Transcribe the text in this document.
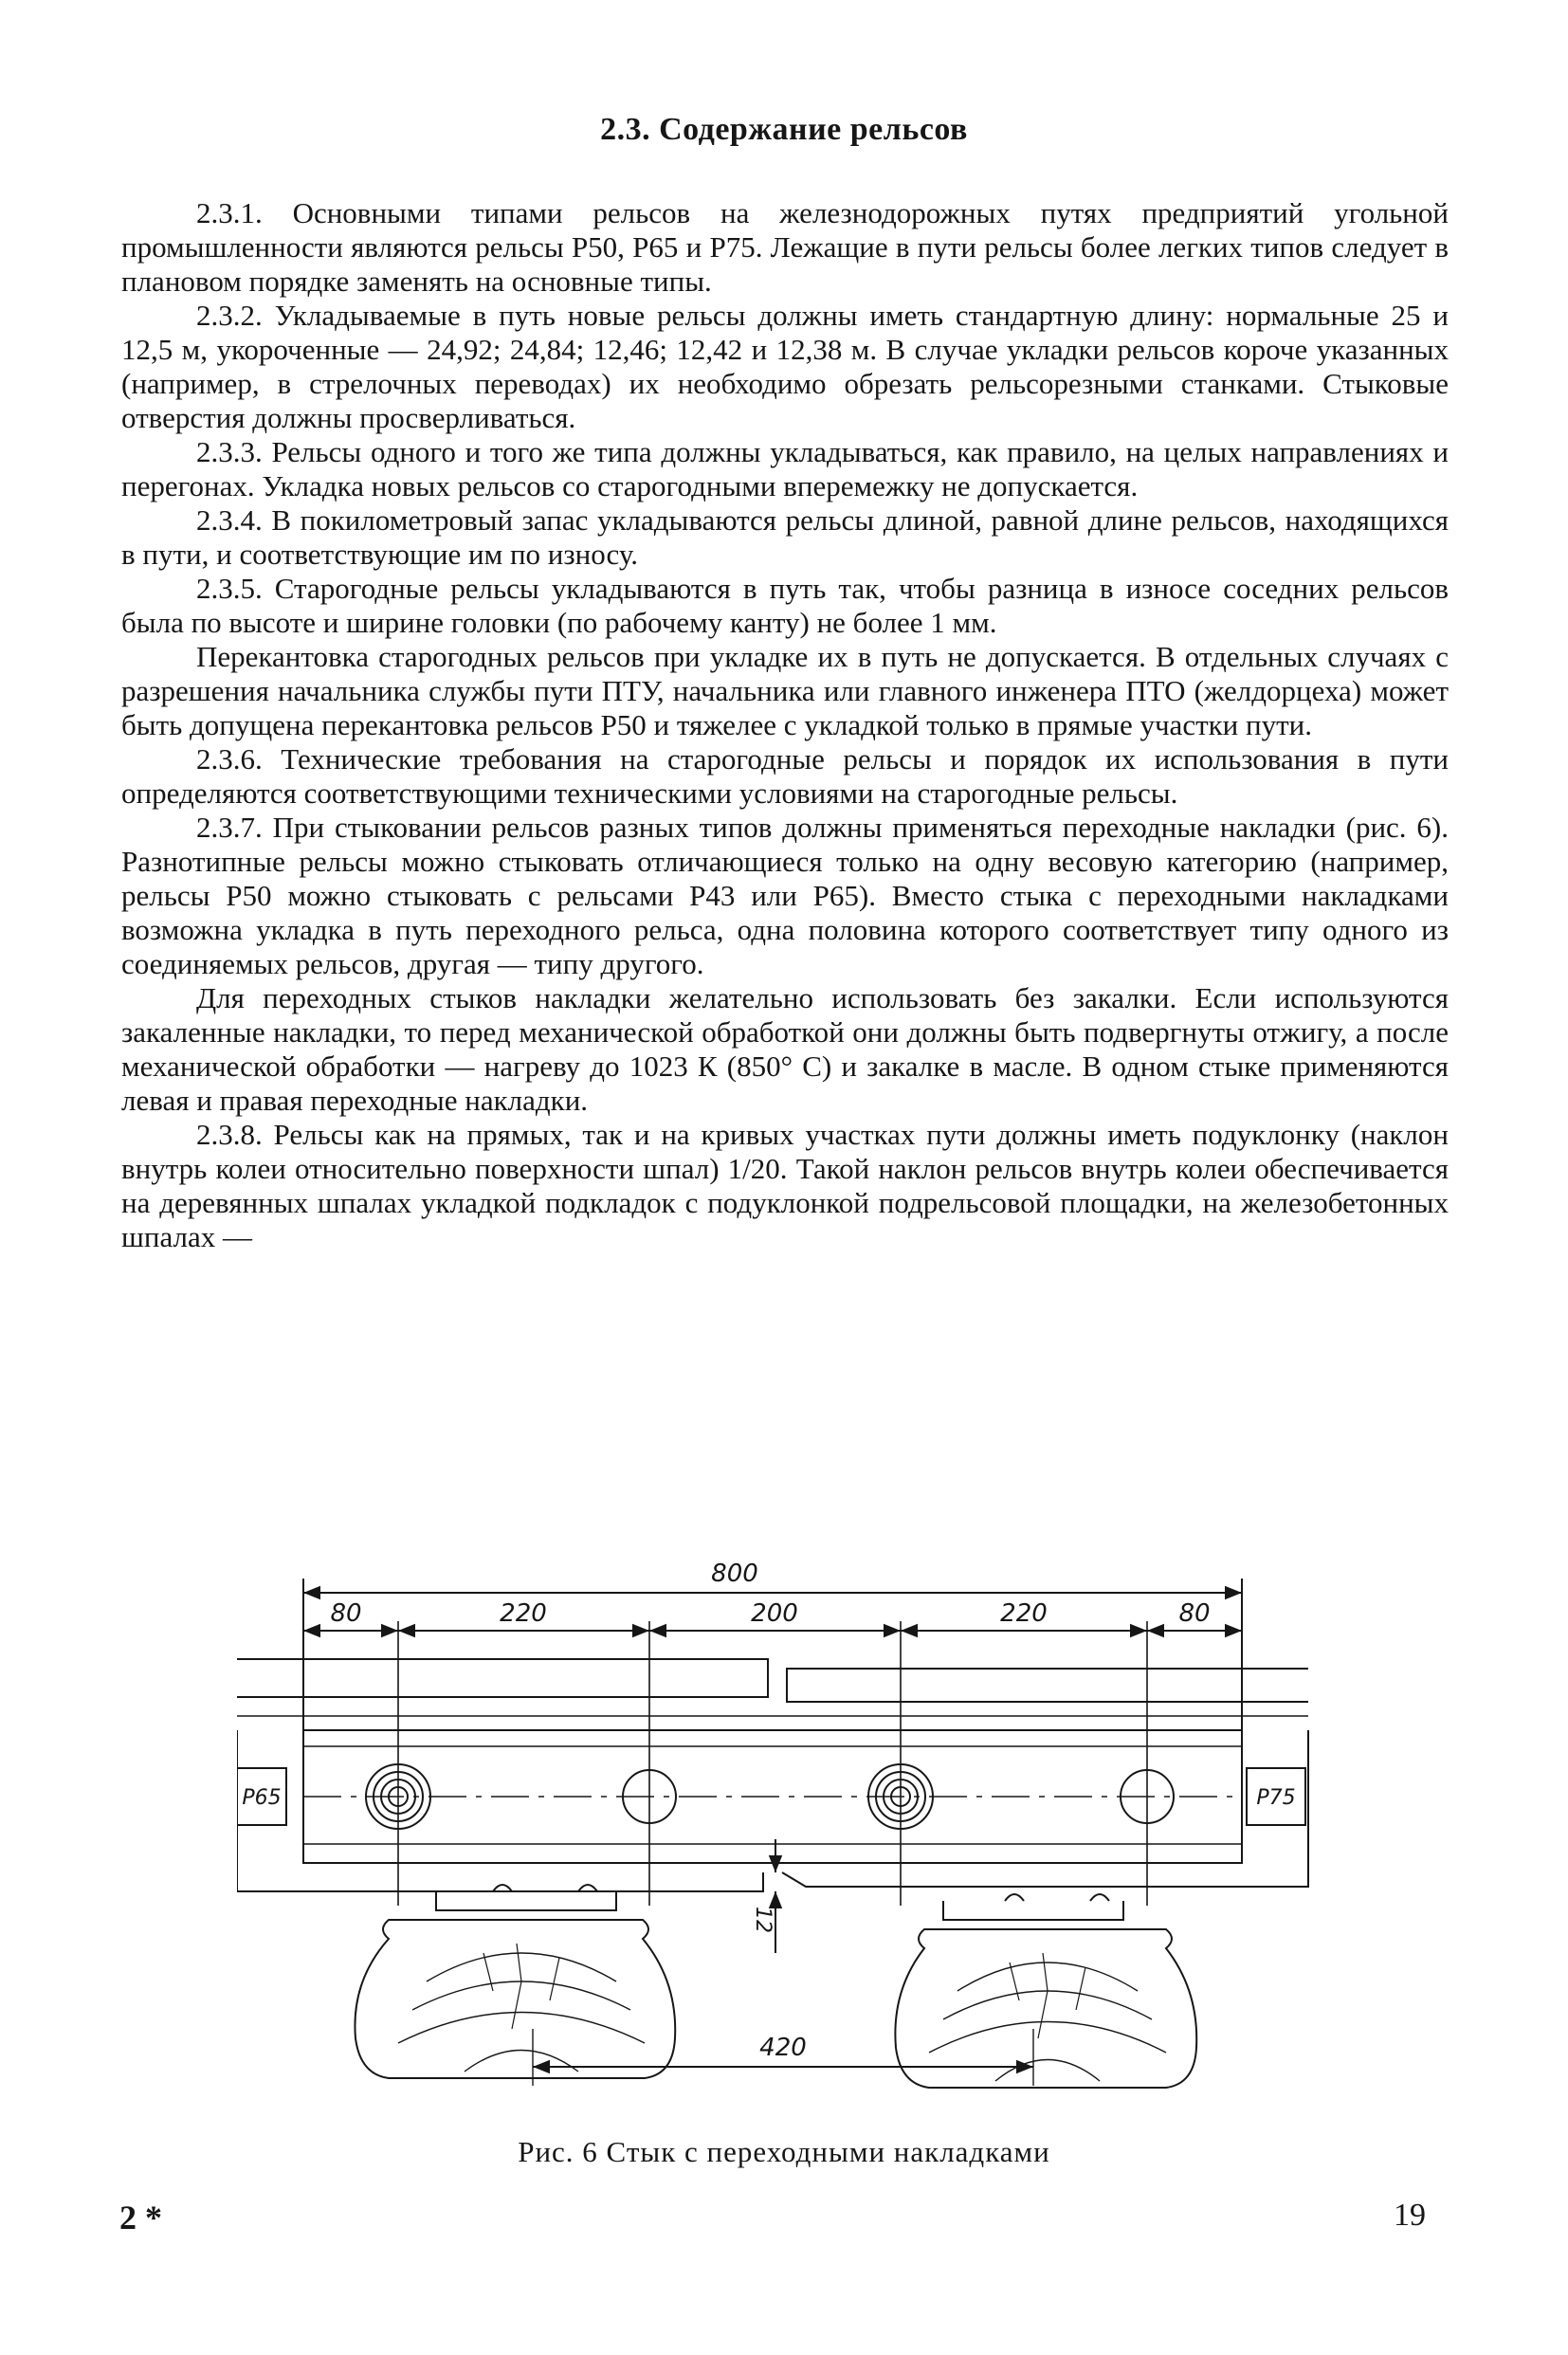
2.3. Содержание рельсов

2.3.1. Основными типами рельсов на железнодорожных путях предприятий угольной промышленности являются рельсы Р50, Р65 и Р75. Лежащие в пути рельсы более легких типов следует в плановом порядке заменять на основные типы.

2.3.2. Укладываемые в путь новые рельсы должны иметь стандартную длину: нормальные 25 и 12,5 м, укороченные — 24,92; 24,84; 12,46; 12,42 и 12,38 м. В случае укладки рельсов короче указанных (например, в стрелочных переводах) их необходимо обрезать рельсорезными станками. Стыковые отверстия должны просверливаться.

2.3.3. Рельсы одного и того же типа должны укладываться, как правило, на целых направлениях и перегонах. Укладка новых рельсов со старогодными вперемежку не допускается.

2.3.4. В покилометровый запас укладываются рельсы длиной, равной длине рельсов, находящихся в пути, и соответствующие им по износу.

2.3.5. Старогодные рельсы укладываются в путь так, чтобы разница в износе соседних рельсов была по высоте и ширине головки (по рабочему канту) не более 1 мм.

Перекантовка старогодных рельсов при укладке их в путь не допускается. В отдельных случаях с разрешения начальника службы пути ПТУ, начальника или главного инженера ПТО (желдорцеха) может быть допущена перекантовка рельсов Р50 и тяжелее с укладкой только в прямые участки пути.

2.3.6. Технические требования на старогодные рельсы и порядок их использования в пути определяются соответствующими техническими условиями на старогодные рельсы.

2.3.7. При стыковании рельсов разных типов должны применяться переходные накладки (рис. 6). Разнотипные рельсы можно стыковать отличающиеся только на одну весовую категорию (например, рельсы Р50 можно стыковать с рельсами Р43 или Р65). Вместо стыка с переходными накладками возможна укладка в путь переходного рельса, одна половина которого соответствует типу одного из соединяемых рельсов, другая — типу другого.

Для переходных стыков накладки желательно использовать без закалки. Если используются закаленные накладки, то перед механической обработкой они должны быть подвергнуты отжигу, а после механической обработки — нагреву до 1023 К (850° С) и закалке в масле. В одном стыке применяются левая и правая переходные накладки.

2.3.8. Рельсы как на прямых, так и на кривых участках пути должны иметь подуклонку (наклон внутрь колеи относительно поверхности шпал) 1/20. Такой наклон рельсов внутрь колеи обеспечивается на деревянных шпалах укладкой подкладок с подуклонкой подрельсовой площадки, на железобетонных шпалах —

800
80	220	200	220	80
Р65	Р75
12
420
Рис. 6 Стык с переходными накладками
2 *	19
